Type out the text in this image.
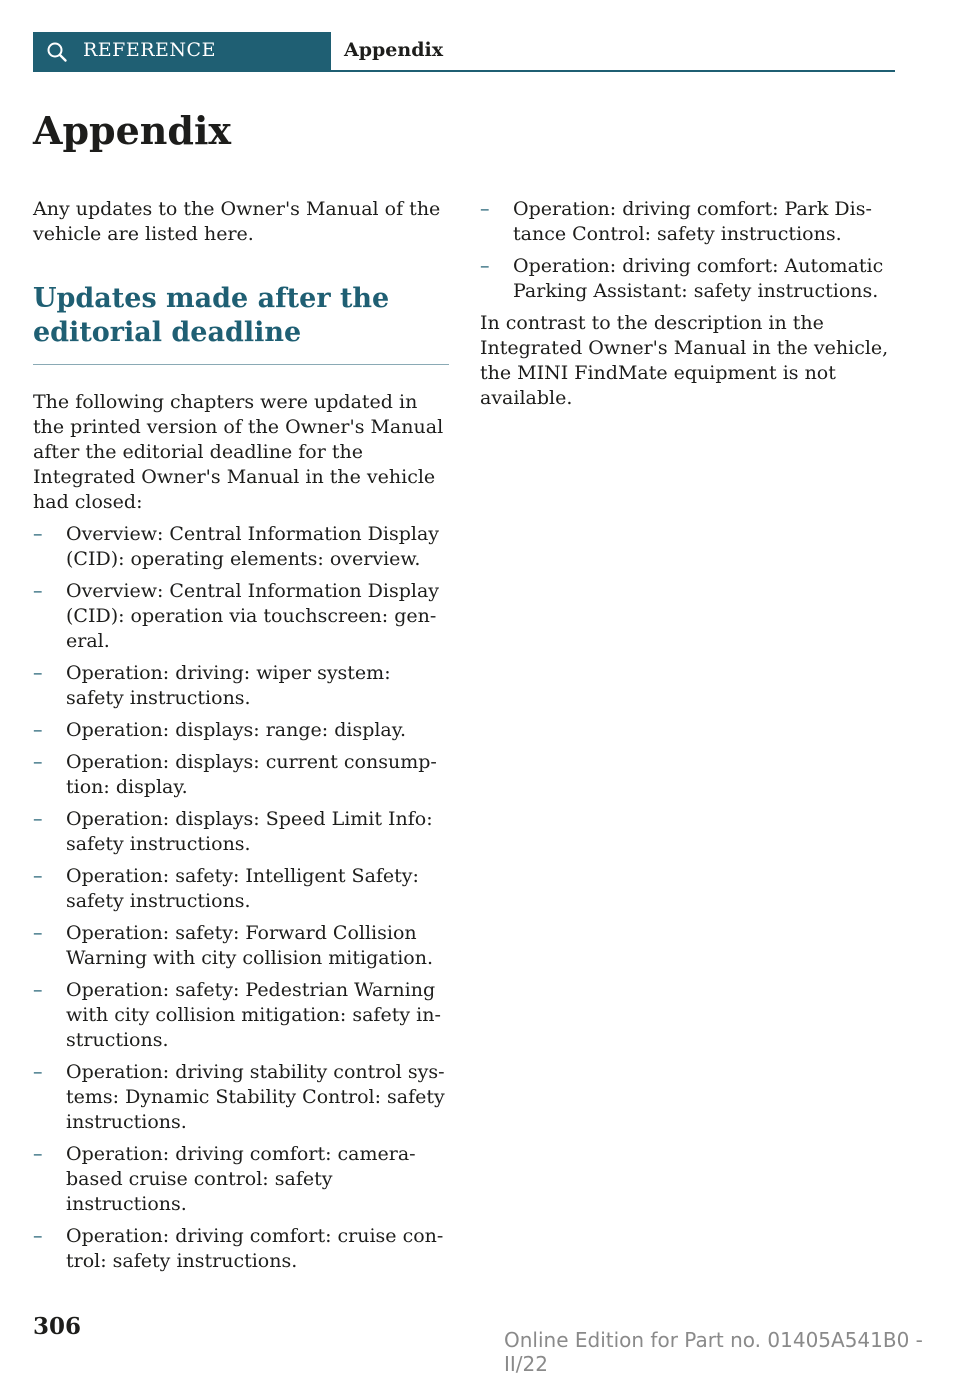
REFERENCE	Appendix
Appendix

Any updates to the Owner's Manual of the vehicle are listed here.

Updates made after the editorial deadline

The following chapters were updated in the printed version of the Owner's Manual after the editorial deadline for the Integrated Owner's Manual in the vehicle had closed:

– Overview: Central Information Display (CID): operating elements: overview.
– Overview: Central Information Display (CID): operation via touchscreen: general.
– Operation: driving: wiper system: safety instructions.
– Operation: displays: range: display.
– Operation: displays: current consumption: display.
– Operation: displays: Speed Limit Info: safety instructions.
– Operation: safety: Intelligent Safety: safety instructions.
– Operation: safety: Forward Collision Warning with city collision mitigation.
– Operation: safety: Pedestrian Warning with city collision mitigation: safety instructions.
– Operation: driving stability control systems: Dynamic Stability Control: safety instructions.
– Operation: driving comfort: camera-based cruise control: safety instructions.
– Operation: driving comfort: cruise control: safety instructions.
– Operation: driving comfort: Park Distance Control: safety instructions.
– Operation: driving comfort: Automatic Parking Assistant: safety instructions.

In contrast to the description in the Integrated Owner's Manual in the vehicle, the MINI FindMate equipment is not available.

306	Online Edition for Part no. 01405A541B0 - II/22
